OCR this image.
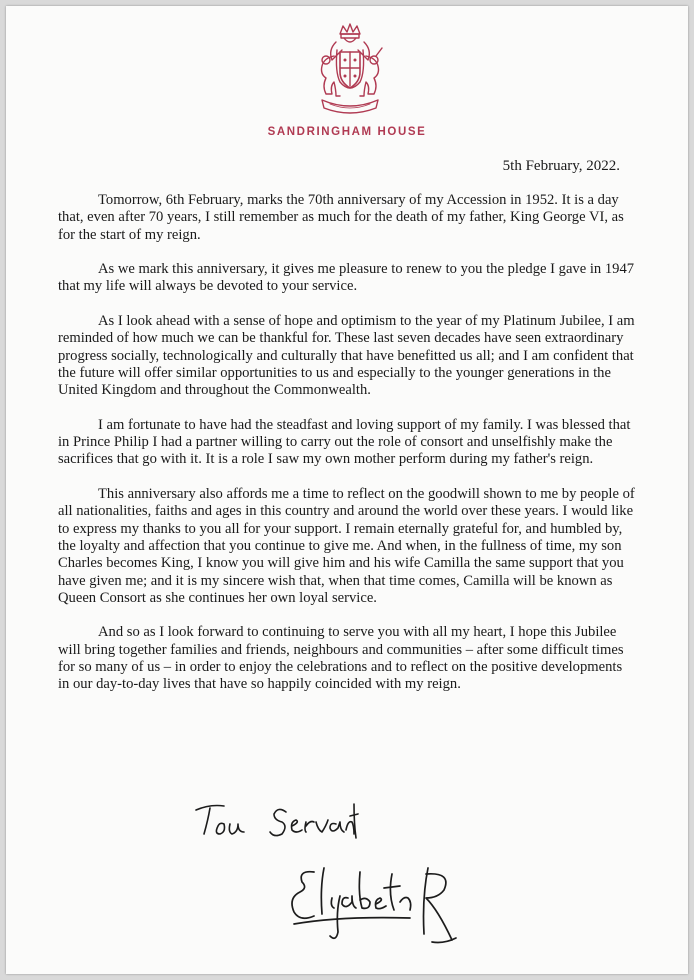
SANDRINGHAM HOUSE
5th February, 2022.

Tomorrow, 6th February, marks the 70th anniversary of my Accession in 1952. It is a day that, even after 70 years, I still remember as much for the death of my father, King George VI, as for the start of my reign.

As we mark this anniversary, it gives me pleasure to renew to you the pledge I gave in 1947 that my life will always be devoted to your service.

As I look ahead with a sense of hope and optimism to the year of my Platinum Jubilee, I am reminded of how much we can be thankful for. These last seven decades have seen extraordinary progress socially, technologically and culturally that have benefitted us all; and I am confident that the future will offer similar opportunities to us and especially to the younger generations in the United Kingdom and throughout the Commonwealth.

I am fortunate to have had the steadfast and loving support of my family. I was blessed that in Prince Philip I had a partner willing to carry out the role of consort and unselfishly make the sacrifices that go with it. It is a role I saw my own mother perform during my father's reign.

This anniversary also affords me a time to reflect on the goodwill shown to me by people of all nationalities, faiths and ages in this country and around the world over these years. I would like to express my thanks to you all for your support. I remain eternally grateful for, and humbled by, the loyalty and affection that you continue to give me. And when, in the fullness of time, my son Charles becomes King, I know you will give him and his wife Camilla the same support that you have given me; and it is my sincere wish that, when that time comes, Camilla will be known as Queen Consort as she continues her own loyal service.

And so as I look forward to continuing to serve you with all my heart, I hope this Jubilee will bring together families and friends, neighbours and communities – after some difficult times for so many of us – in order to enjoy the celebrations and to reflect on the positive developments in our day-to-day lives that have so happily coincided with my reign.
